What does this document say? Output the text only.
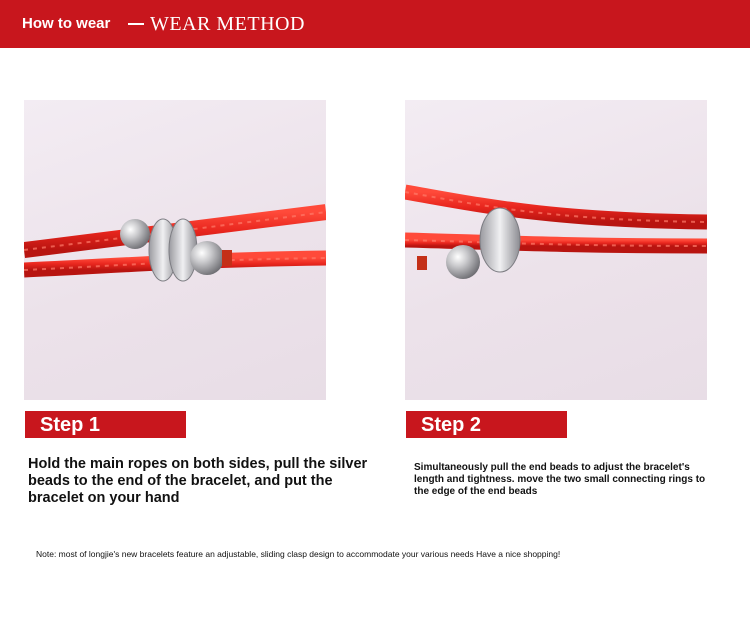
How to wear WEAR METHOD
Step 1	Step 2
Hold the main ropes on both sides, pull the silver beads to the end of the bracelet, and put the bracelet on your hand
Simultaneously pull the end beads to adjust the bracelet's length and tightness. move the two small connecting rings to the edge of the end beads
Note: most of longjie's new bracelets feature an adjustable, sliding clasp design to accommodate your various needs Have a nice shopping!
